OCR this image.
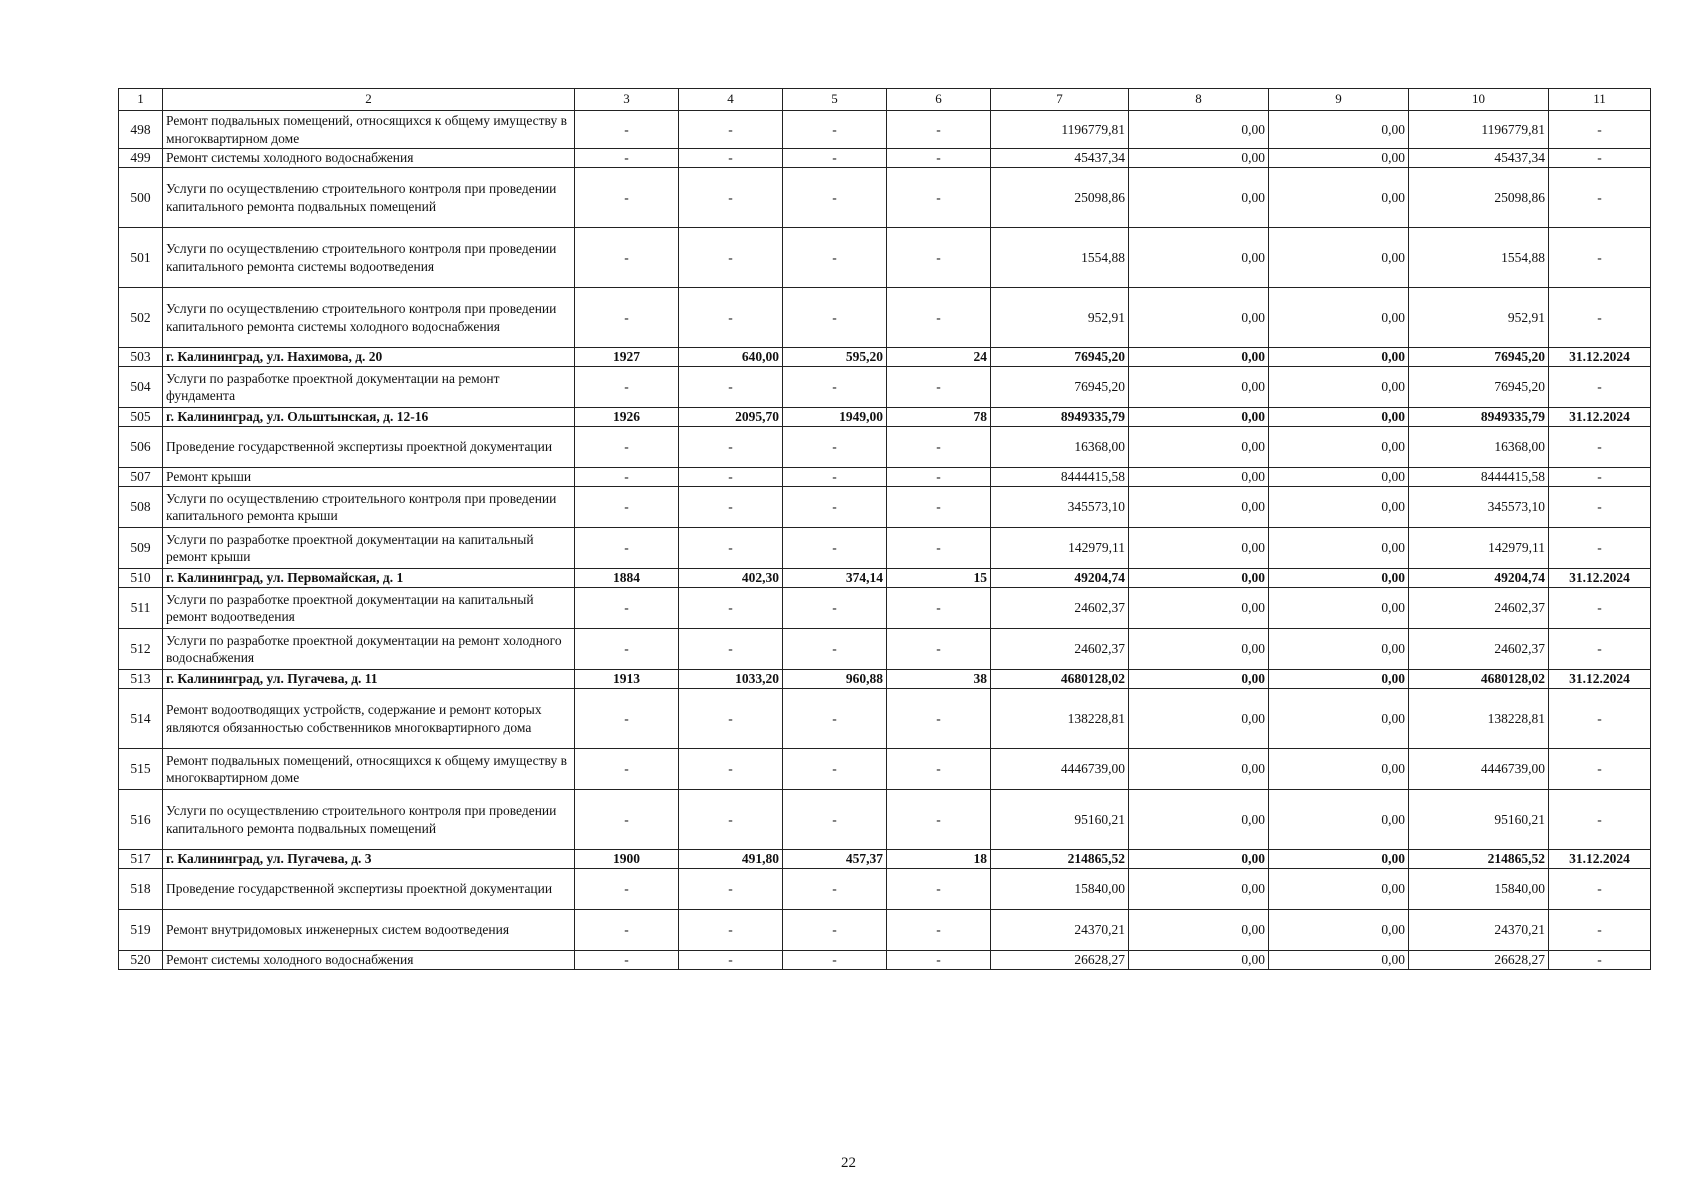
1	2	3	4	5	6	7	8	9	10	11
498	Ремонт подвальных помещений, относящихся к общему имуществу в многоквартирном доме	-	-	-	-	1196779,81	0,00	0,00	1196779,81	-
499	Ремонт системы холодного водоснабжения	-	-	-	-	45437,34	0,00	0,00	45437,34	-
500	Услуги по осуществлению строительного контроля при проведении капитального ремонта подвальных помещений	-	-	-	-	25098,86	0,00	0,00	25098,86	-
501	Услуги по осуществлению строительного контроля при проведении капитального ремонта системы водоотведения	-	-	-	-	1554,88	0,00	0,00	1554,88	-
502	Услуги по осуществлению строительного контроля при проведении капитального ремонта системы холодного водоснабжения	-	-	-	-	952,91	0,00	0,00	952,91	-
503	г. Калининград, ул. Нахимова, д. 20	1927	640,00	595,20	24	76945,20	0,00	0,00	76945,20	31.12.2024
504	Услуги по разработке проектной документации на ремонт фундамента	-	-	-	-	76945,20	0,00	0,00	76945,20	-
505	г. Калининград, ул. Ольштынская, д. 12-16	1926	2095,70	1949,00	78	8949335,79	0,00	0,00	8949335,79	31.12.2024
506	Проведение государственной экспертизы проектной документации	-	-	-	-	16368,00	0,00	0,00	16368,00	-
507	Ремонт крыши	-	-	-	-	8444415,58	0,00	0,00	8444415,58	-
508	Услуги по осуществлению строительного контроля при проведении капитального ремонта крыши	-	-	-	-	345573,10	0,00	0,00	345573,10	-
509	Услуги по разработке проектной документации на капитальный ремонт крыши	-	-	-	-	142979,11	0,00	0,00	142979,11	-
510	г. Калининград, ул. Первомайская, д. 1	1884	402,30	374,14	15	49204,74	0,00	0,00	49204,74	31.12.2024
511	Услуги по разработке проектной документации на капитальный ремонт водоотведения	-	-	-	-	24602,37	0,00	0,00	24602,37	-
512	Услуги по разработке проектной документации на ремонт холодного водоснабжения	-	-	-	-	24602,37	0,00	0,00	24602,37	-
513	г. Калининград, ул. Пугачева, д. 11	1913	1033,20	960,88	38	4680128,02	0,00	0,00	4680128,02	31.12.2024
514	Ремонт водоотводящих устройств, содержание и ремонт которых являются обязанностью собственников многоквартирного дома	-	-	-	-	138228,81	0,00	0,00	138228,81	-
515	Ремонт подвальных помещений, относящихся к общему имуществу в многоквартирном доме	-	-	-	-	4446739,00	0,00	0,00	4446739,00	-
516	Услуги по осуществлению строительного контроля при проведении капитального ремонта подвальных помещений	-	-	-	-	95160,21	0,00	0,00	95160,21	-
517	г. Калининград, ул. Пугачева, д. 3	1900	491,80	457,37	18	214865,52	0,00	0,00	214865,52	31.12.2024
518	Проведение государственной экспертизы проектной документации	-	-	-	-	15840,00	0,00	0,00	15840,00	-
519	Ремонт внутридомовых инженерных систем водоотведения	-	-	-	-	24370,21	0,00	0,00	24370,21	-
520	Ремонт системы холодного водоснабжения	-	-	-	-	26628,27	0,00	0,00	26628,27	-
22
